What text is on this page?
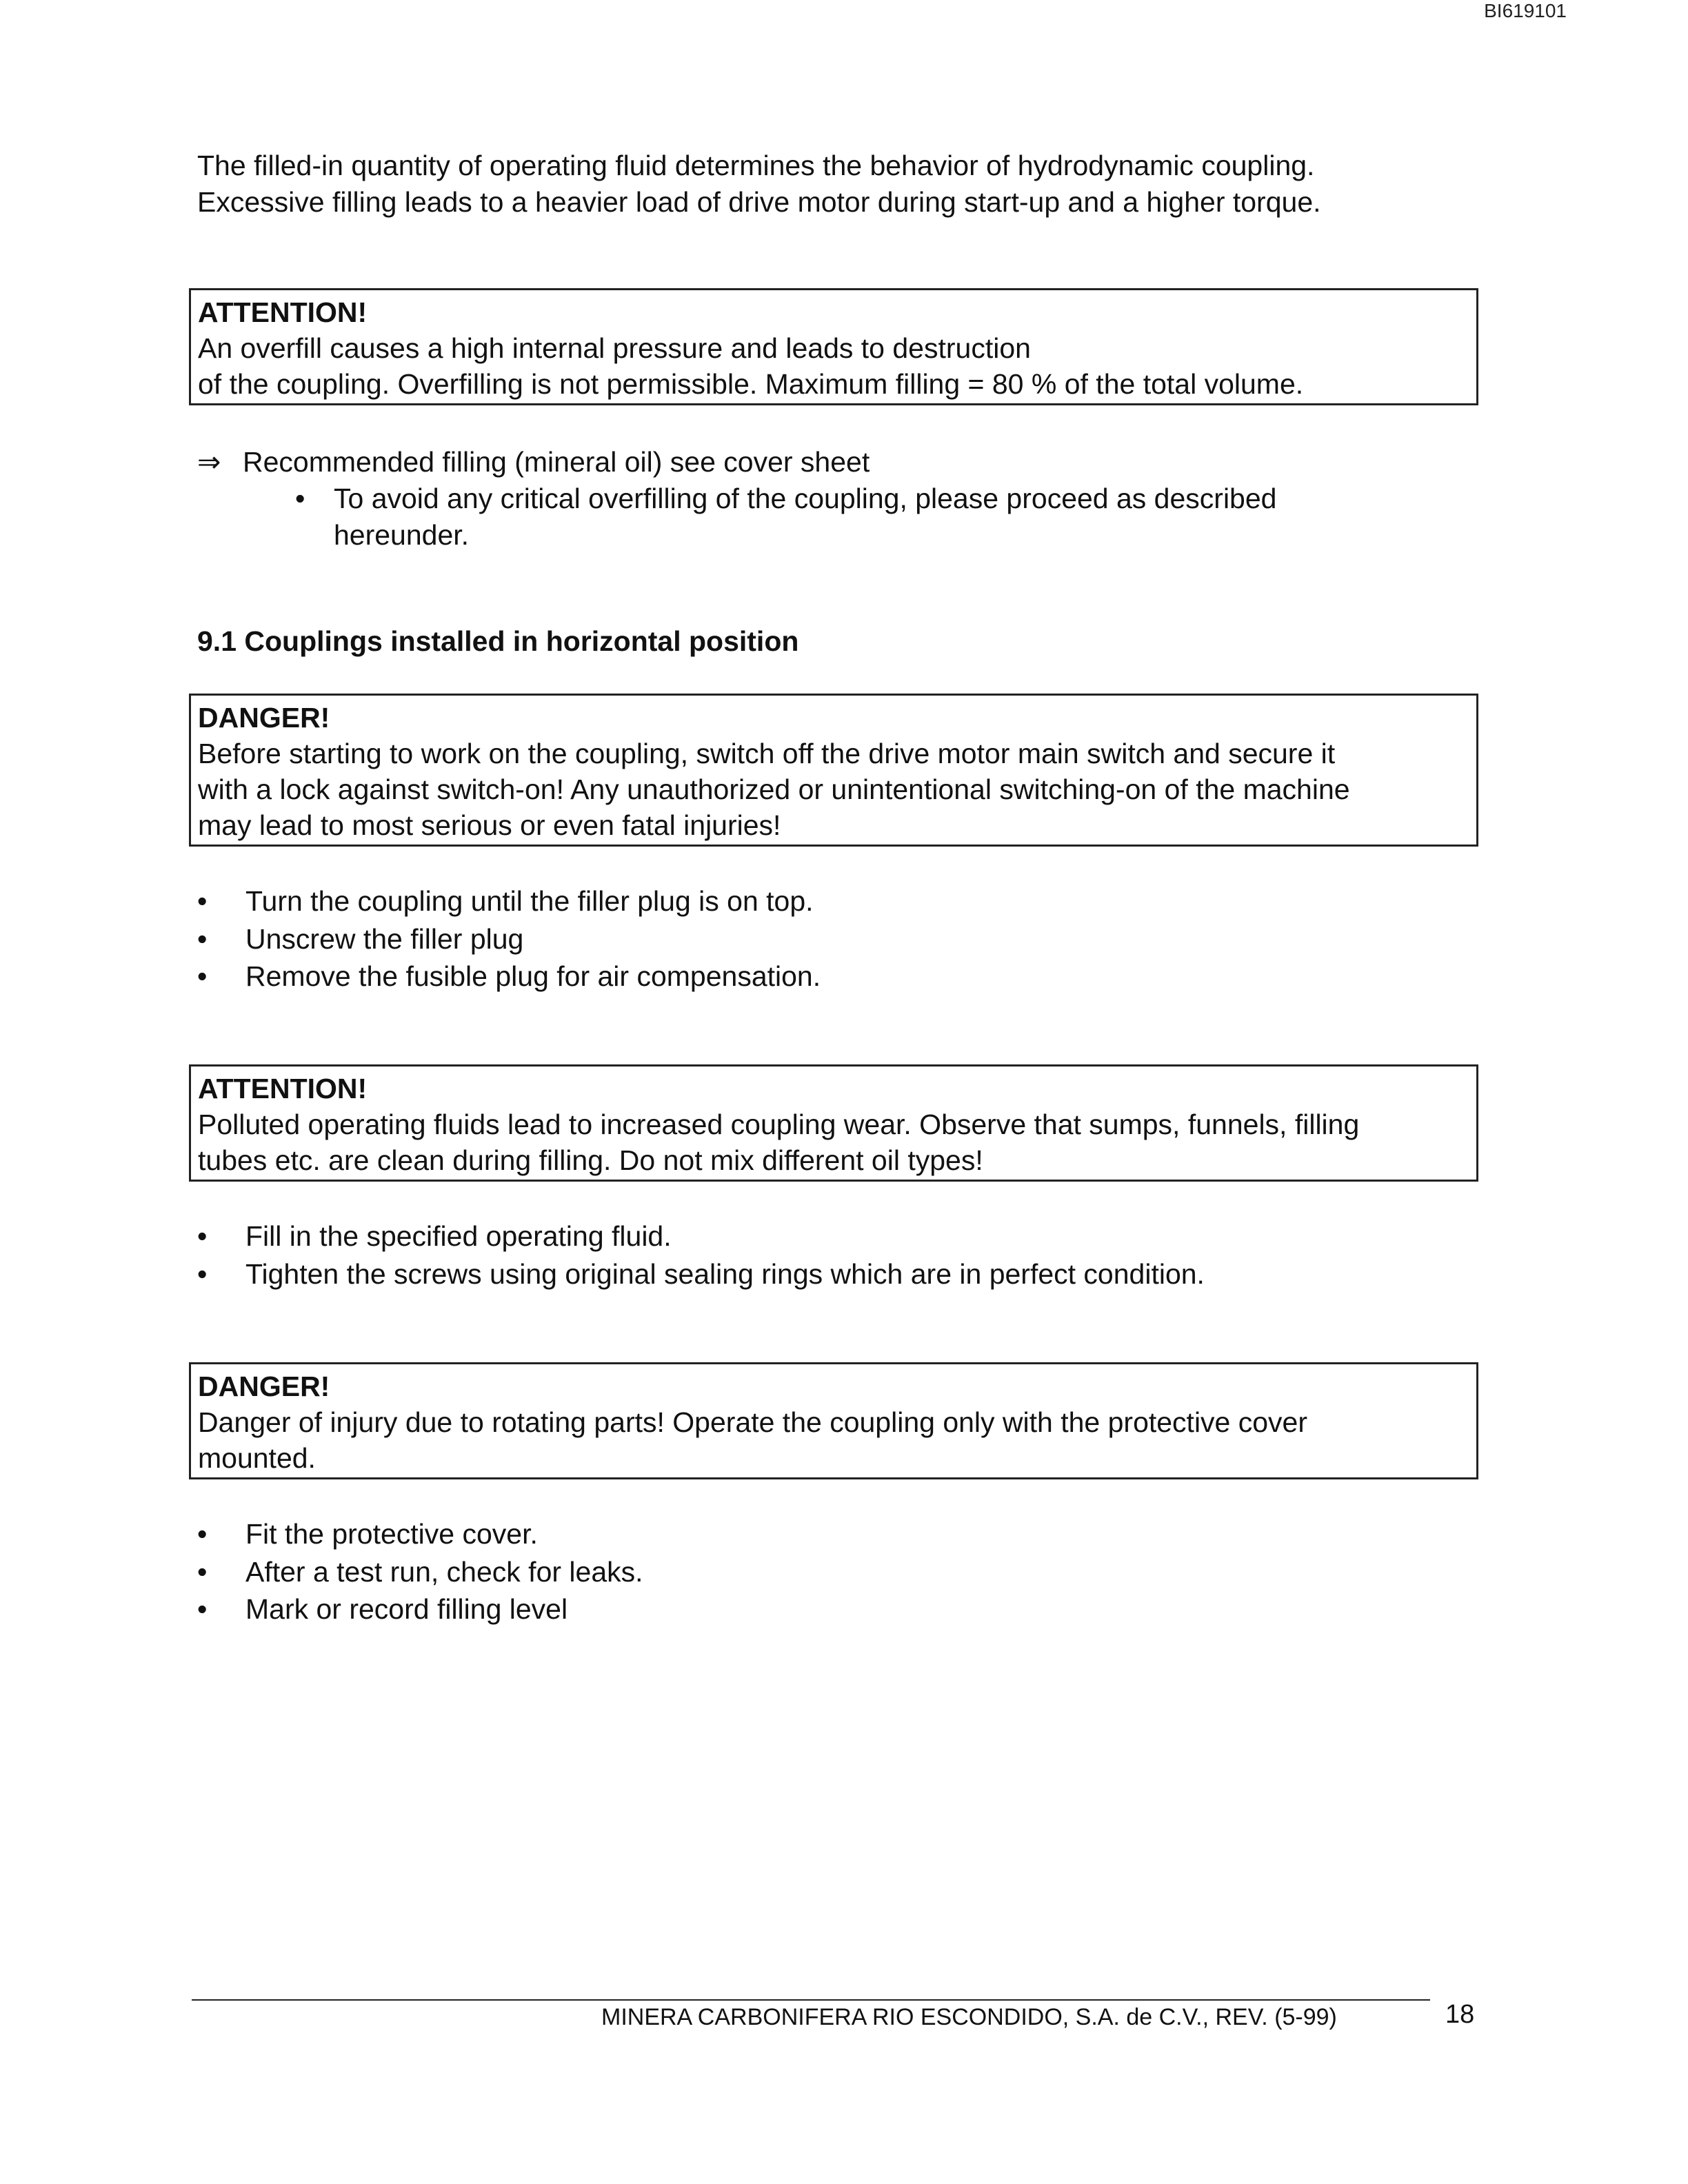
BI619101
The filled-in quantity of operating fluid determines the behavior of hydrodynamic coupling.
Excessive filling leads to a heavier load of drive motor during start-up and a higher torque.
ATTENTION!
An overfill causes a high internal pressure and leads to destruction
of the coupling. Overfilling is not permissible. Maximum filling = 80 % of the total volume.
⇒ Recommended filling (mineral oil) see cover sheet
• To avoid any critical overfilling of the coupling, please proceed as described
hereunder.
9.1 Couplings installed in horizontal position
DANGER!
Before starting to work on the coupling, switch off the drive motor main switch and secure it
with a lock against switch-on! Any unauthorized or unintentional switching-on of the machine
may lead to most serious or even fatal injuries!
• Turn the coupling until the filler plug is on top.
• Unscrew the filler plug
• Remove the fusible plug for air compensation.
ATTENTION!
Polluted operating fluids lead to increased coupling wear. Observe that sumps, funnels, filling
tubes etc. are clean during filling. Do not mix different oil types!
• Fill in the specified operating fluid.
• Tighten the screws using original sealing rings which are in perfect condition.
DANGER!
Danger of injury due to rotating parts! Operate the coupling only with the protective cover
mounted.
• Fit the protective cover.
• After a test run, check for leaks.
• Mark or record filling level
MINERA CARBONIFERA RIO ESCONDIDO, S.A. de C.V., REV. (5-99)	18
